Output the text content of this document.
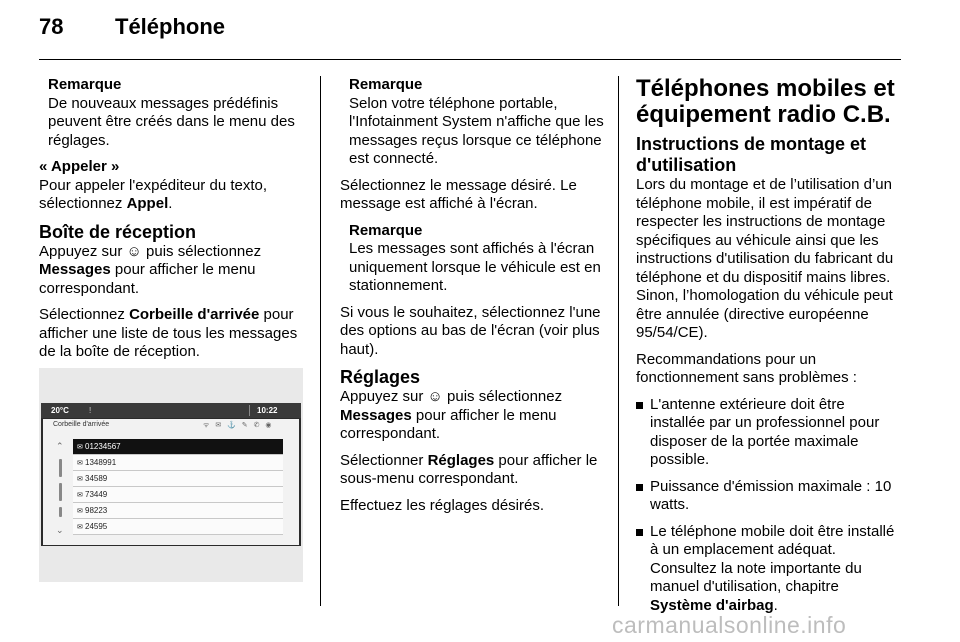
78 Téléphone
Remarque
De nouveaux messages prédéfinis peuvent être créés dans le menu des réglages.
« Appeler »

Pour appeler l'expéditeur du texto, sélectionnez Appel.

Boîte de réception

Appuyez sur ☺ puis sélectionnez Messages pour afficher le menu correspondant.

Sélectionnez Corbeille d'arrivée pour afficher une liste de tous les messages de la boîte de réception.

20°C	!	10:22
Corbeille d'arrivée	ᯤ ✉ ⚓ ✎ ✆ ◉
⌃
⌄
✉ 01234567
✉ 1348991
✉ 34589
✉ 73449
✉ 98223
✉ 24595
Remarque
Selon votre téléphone portable, l'Infotainment System n'affiche que les messages reçus lorsque ce téléphone est connecté.

Sélectionnez le message désiré. Le message est affiché à l'écran.

Remarque
Les messages sont affichés à l'écran uniquement lorsque le véhicule est en stationnement.

Si vous le souhaitez, sélectionnez l'une des options au bas de l'écran (voir plus haut).

Réglages

Appuyez sur ☺ puis sélectionnez Messages pour afficher le menu correspondant.

Sélectionner Réglages pour afficher le sous-menu correspondant.

Effectuez les réglages désirés.

Téléphones mobiles et équipement radio C.B.
Instructions de montage et d'utilisation

Lors du montage et de l’utilisation d’un téléphone mobile, il est impératif de respecter les instructions de montage spécifiques au véhicule ainsi que les instructions d'utilisation du fabricant du téléphone et du dispositif mains libres. Sinon, l’homologation du véhicule peut être annulée (directive européenne 95/54/CE).

Recommandations pour un fonctionnement sans problèmes :

L'antenne extérieure doit être installée par un professionnel pour disposer de la portée maximale possible.
Puissance d'émission maximale : 10 watts.
Le téléphone mobile doit être installé à un emplacement adéquat. Consultez la note importante du manuel d'utilisation, chapitre Système d'airbag.
carmanualsonline.info
